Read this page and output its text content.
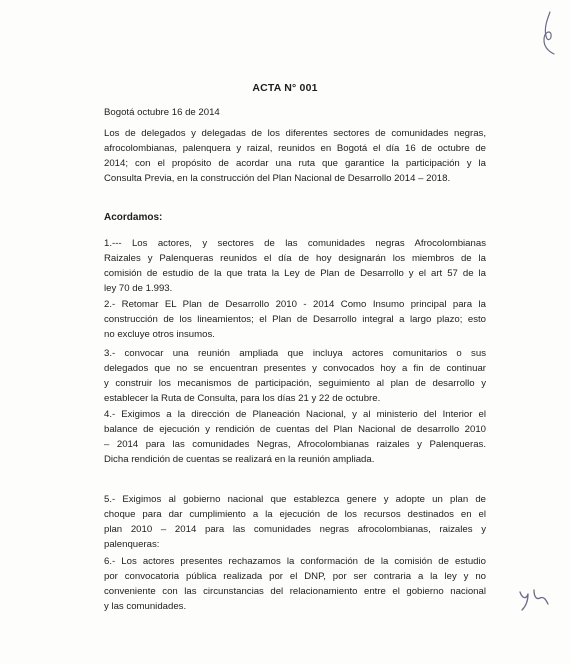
ACTA N° 001
Bogotá octubre 16 de 2014
Los de delegados y delegadas de los diferentes sectores de comunidades negras,
afrocolombianas, palenquera y raizal, reunidos en Bogotá el día 16 de octubre de
2014; con el propósito de acordar una ruta que garantice la participación y la
Consulta Previa, en la construcción del Plan Nacional de Desarrollo 2014 – 2018.
Acordamos:
1.--- Los actores, y sectores de las comunidades negras Afrocolombianas
Raizales y Palenqueras reunidos el día de hoy designarán los miembros de la
comisión de estudio de la que trata la Ley de Plan de Desarrollo y el art 57 de la
ley 70 de 1.993.
2.- Retomar EL Plan de Desarrollo 2010 - 2014 Como Insumo principal para la
construcción de los lineamientos; el Plan de Desarrollo integral a largo plazo; esto
no excluye otros insumos.
3.- convocar una reunión ampliada que incluya actores comunitarios o sus
delegados que no se encuentran presentes y convocados hoy a fin de continuar
y construir los mecanismos de participación, seguimiento al plan de desarrollo y
establecer la Ruta de Consulta, para los días 21 y 22 de octubre.
4.- Exigimos a la dirección de Planeación Nacional, y al ministerio del Interior el
balance de ejecución y rendición de cuentas del Plan Nacional de desarrollo 2010
– 2014 para las comunidades Negras, Afrocolombianas raizales y Palenqueras.
Dicha rendición de cuentas se realizará en la reunión ampliada.
5.- Exigimos al gobierno nacional que establezca genere y adopte un plan de
choque para dar cumplimiento a la ejecución de los recursos destinados en el
plan 2010 – 2014 para las comunidades negras afrocolombianas, raizales y
palenqueras:
6.- Los actores presentes rechazamos la conformación de la comisión de estudio
por convocatoria pública realizada por el DNP, por ser contraria a la ley y no
conveniente con las circunstancias del relacionamiento entre el gobierno nacional
y las comunidades.
